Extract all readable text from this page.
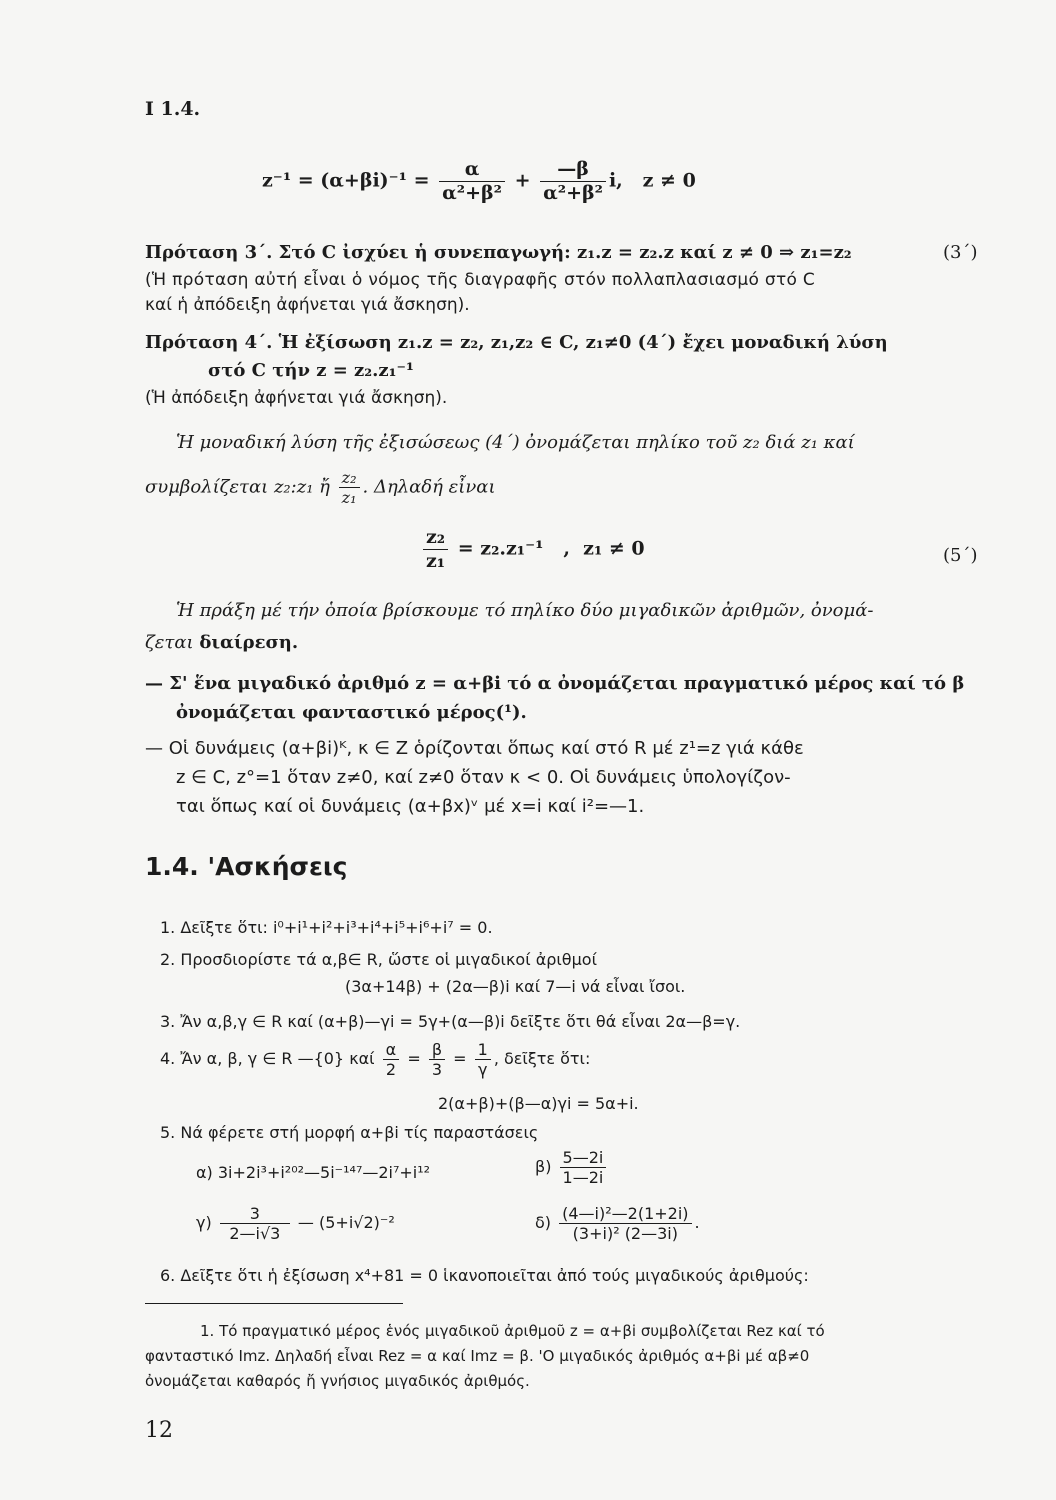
Ι 1.4.
$z^{-1} = (\alpha+\beta i)^{-1} = \frac{\alpha}{\text{α²+β²}} + \frac{—\beta}{\text{α²+β²}} i$,   z ≠ 0
Πρόταση 3΄. Στό C ἰσχύει ἡ συνεπαγωγή: z₁.z = z₂.z καί z ≠ 0 ⇒ z₁=z₂	(3΄)
(Ἡ πρόταση αὐτή εἶναι ὁ νόμος τῆς διαγραφῆς στόν πολλαπλασιασμό στό C
καί ἡ ἀπόδειξη ἀφήνεται γιά ἄσκηση).
Πρόταση 4΄. Ἡ ἐξίσωση z₁.z = z₂, z₁,z₂ ∈ C, z₁≠0 (4΄) ἔχει μοναδική λύση
στό C τήν z = z₂.z₁⁻¹
(Ἡ ἀπόδειξη ἀφήνεται γιά ἄσκηση).
Ἡ μοναδική λύση τῆς ἐξισώσεως (4΄) ὀνομάζεται πηλίκο τοῦ z₂ διά z₁ καί
συμβολίζεται z₂:z₁ ἤ $\frac{\text{z₂}}{\text{z₁}}$ . Δηλαδή εἶναι
$\frac{\text{z₂}}{\text{z₁}} = z_2.z_1^{-1}$   ,  z₁ ≠ 0	(5΄)
Ἡ πράξη μέ τήν ὁποία βρίσκουμε τό πηλίκο δύο μιγαδικῶν ἀριθμῶν, ὀνομά-
ζεται διαίρεση.
— Σ' ἕνα μιγαδικό ἀριθμό z = α+βi τό α ὀνομάζεται πραγματικό μέρος καί τό β
ὀνομάζεται φανταστικό μέρος(¹).
— Οἱ δυνάμεις (α+βi)ᴷ, κ ∈ Z ὁρίζονται ὅπως καί στό R μέ z¹=z γιά κάθε
z ∈ C, z°=1 ὅταν z≠0, καί z≠0 ὅταν κ < 0. Οἱ δυνάμεις ὑπολογίζον-
ται ὅπως καί οἱ δυνάμεις (α+βx)ᵛ μέ x=i καί i²=—1.
1.4. 'Ασκήσεις
1. Δεῖξτε ὅτι: i⁰+i¹+i²+i³+i⁴+i⁵+i⁶+i⁷ = 0.
2. Προσδιορίστε τά α,β∈ R, ὥστε οἱ μιγαδικοί ἀριθμοί
(3α+14β) + (2α—β)i καί 7—i νά εἶναι ἴσοι.
3. Ἄν α,β,γ ∈ R καί (α+β)—γi = 5γ+(α—β)i δεῖξτε ὅτι θά εἶναι 2α—β=γ.
4. Ἄν α, β, γ ∈ R —{0} καί $\frac{\alpha}{2} = \frac{\beta}{3} = \frac{1}{\gamma}$ , δεῖξτε ὅτι:
2(α+β)+(β—α)γi = 5α+i.
5. Νά φέρετε στή μορφή α+βi τίς παραστάσεις
α) 3i+2i³+i²⁰²—5i⁻¹⁴⁷—2i⁷+i¹²	$\beta) \frac{5—2i}{1—2i}$
$\gamma) \frac{3}{2—i√3}$ — (5+i√2)⁻²	$\delta) \frac{\text{(4—i)²—2(1+2i)}}{\text{(3+i)² (2—3i)}}$ .
6. Δεῖξτε ὅτι ἡ ἐξίσωση x⁴+81 = 0 ἱκανοποιεῖται ἀπό τούς μιγαδικούς ἀριθμούς:
1. Τό πραγματικό μέρος ἑνός μιγαδικοῦ ἀριθμοῦ z = α+βi συμβολίζεται Rez καί τό
φανταστικό Imz. Δηλαδή εἶναι Rez = α καί Imz = β. 'Ο μιγαδικός ἀριθμός α+βi μέ αβ≠0
ὀνομάζεται καθαρός ἤ γνήσιος μιγαδικός ἀριθμός.
12
